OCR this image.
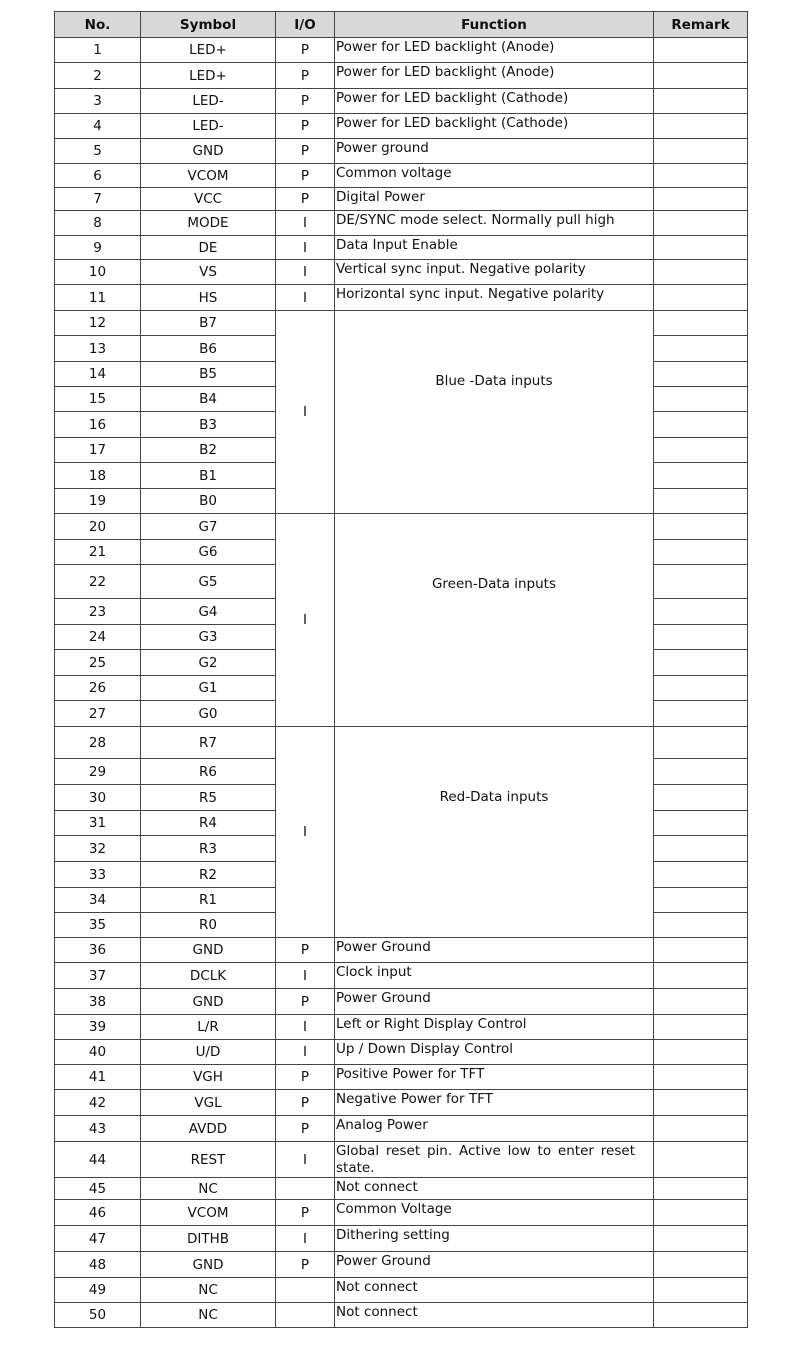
No.	Symbol	I/O	Function	Remark
1	LED+	P	Power for LED backlight (Anode)	
2	LED+	P	Power for LED backlight (Anode)	
3	LED-	P	Power for LED backlight (Cathode)	
4	LED-	P	Power for LED backlight (Cathode)	
5	GND	P	Power ground	
6	VCOM	P	Common voltage	
7	VCC	P	Digital Power	
8	MODE	I	DE/SYNC mode select. Normally pull high	
9	DE	I	Data Input Enable	
10	VS	I	Vertical sync input. Negative polarity	
11	HS	I	Horizontal sync input. Negative polarity	
12	B7	I	Blue -Data inputs	
13	B6			
14	B5			
15	B4			
16	B3			
17	B2			
18	B1			
19	B0			
20	G7	I	Green-Data inputs	
21	G6			
22	G5			
23	G4			
24	G3			
25	G2			
26	G1			
27	G0			
28	R7	I	Red-Data inputs	
29	R6			
30	R5			
31	R4			
32	R3			
33	R2			
34	R1			
35	R0			
36	GND	P	Power Ground	
37	DCLK	I	Clock input	
38	GND	P	Power Ground	
39	L/R	I	Left or Right Display Control	
40	U/D	I	Up / Down Display Control	
41	VGH	P	Positive Power for TFT	
42	VGL	P	Negative Power for TFT	
43	AVDD	P	Analog Power	
44	REST	I	Global reset pin. Active low to enter reset state.	
45	NC		Not connect	
46	VCOM	P	Common Voltage	
47	DITHB	I	Dithering setting	
48	GND	P	Power Ground	
49	NC		Not connect	
50	NC		Not connect	
